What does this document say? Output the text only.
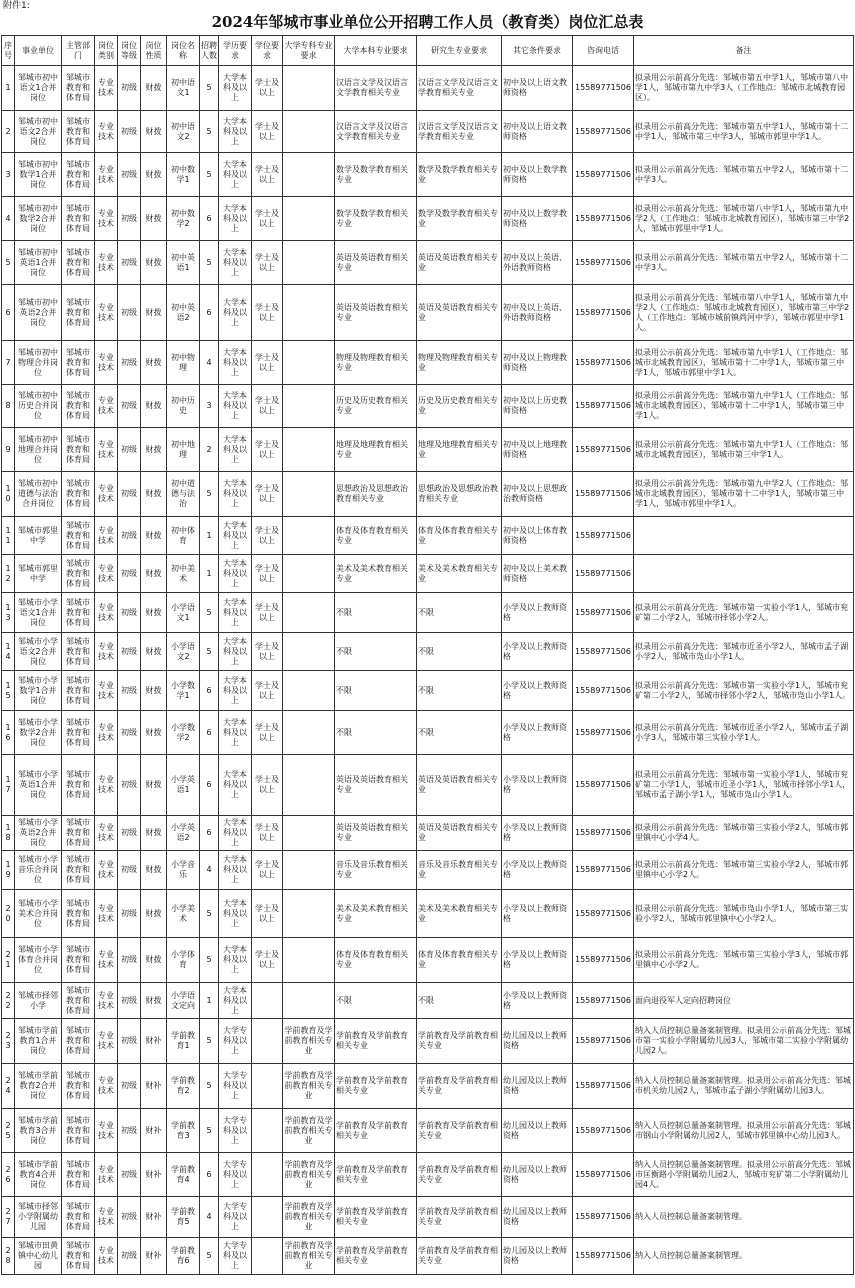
附件1:
2024年邹城市事业单位公开招聘工作人员（教育类）岗位汇总表
序号	事业单位	主管部门	岗位类别	岗位等级	岗位性质	岗位名称	招聘人数	学历要求	学位要求	大学专科专业要求	大学本科专业要求	研究生专业要求	其它条件要求	咨询电话	备注
1	邹城市初中语文1合并岗位	邹城市教育和体育局	专业技术	初级	财拨	初中语文1	5	大学本科及以上	学士及以上		汉语言文学及汉语言文学教育相关专业	汉语言文学及汉语言文学教育相关专业	初中及以上语文教师资格	15589771506	拟录用公示前高分先选：邹城市第五中学1人，邹城市第八中学1人，邹城市第九中学3人（工作地点：邹城市北城教育园区）。
2	邹城市初中语文2合并岗位	邹城市教育和体育局	专业技术	初级	财拨	初中语文2	5	大学本科及以上	学士及以上		汉语言文学及汉语言文学教育相关专业	汉语言文学及汉语言文学教育相关专业	初中及以上语文教师资格	15589771506	拟录用公示前高分先选：邹城市第五中学1人，邹城市第十二中学1人，邹城市第三中学3人，邹城市郭里中学1人。
3	邹城市初中数学1合并岗位	邹城市教育和体育局	专业技术	初级	财拨	初中数学1	5	大学本科及以上	学士及以上		数学及数学教育相关专业	数学及数学教育相关专业	初中及以上数学教师资格	15589771506	拟录用公示前高分先选：邹城市第五中学2人，邹城市第十二中学3人。
4	邹城市初中数学2合并岗位	邹城市教育和体育局	专业技术	初级	财拨	初中数学2	6	大学本科及以上	学士及以上		数学及数学教育相关专业	数学及数学教育相关专业	初中及以上数学教师资格	15589771506	拟录用公示前高分先选：邹城市第八中学1人，邹城市第九中学2人（工作地点：邹城市北城教育园区），邹城市第三中学2人，邹城市郭里中学1人。
5	邹城市初中英语1合并岗位	邹城市教育和体育局	专业技术	初级	财拨	初中英语1	5	大学本科及以上	学士及以上		英语及英语教育相关专业	英语及英语教育相关专业	初中及以上英语、外语教师资格	15589771506	拟录用公示前高分先选：邹城市第五中学2人，邹城市第十二中学3人。
6	邹城市初中英语2合并岗位	邹城市教育和体育局	专业技术	初级	财拨	初中英语2	6	大学本科及以上	学士及以上		英语及英语教育相关专业	英语及英语教育相关专业	初中及以上英语、外语教师资格	15589771506	拟录用公示前高分先选：邹城市第八中学1人，邹城市第九中学2人（工作地点：邹城市北城教育园区），邹城市第三中学2人（工作地点：邹城市城前镇尚河中学），邹城市郭里中学1人。
7	邹城市初中物理合并岗位	邹城市教育和体育局	专业技术	初级	财拨	初中物理	4	大学本科及以上	学士及以上		物理及物理教育相关专业	物理及物理教育相关专业	初中及以上物理教师资格	15589771506	拟录用公示前高分先选：邹城市第九中学1人（工作地点：邹城市北城教育园区），邹城市第十二中学1人，邹城市第三中学1人，邹城市郭里中学1人。
8	邹城市初中历史合并岗位	邹城市教育和体育局	专业技术	初级	财拨	初中历史	3	大学本科及以上	学士及以上		历史及历史教育相关专业	历史及历史教育相关专业	初中及以上历史教师资格	15589771506	拟录用公示前高分先选：邹城市第九中学1人（工作地点：邹城市北城教育园区），邹城市第十二中学1人，邹城市第三中学1人。
9	邹城市初中地理合并岗位	邹城市教育和体育局	专业技术	初级	财拨	初中地理	2	大学本科及以上	学士及以上		地理及地理教育相关专业	地理及地理教育相关专业	初中及以上地理教师资格	15589771506	拟录用公示前高分先选：邹城市第九中学1人（工作地点：邹城市北城教育园区），邹城市第三中学1人。
10	邹城市初中道德与法治合并岗位	邹城市教育和体育局	专业技术	初级	财拨	初中道德与法治	5	大学本科及以上	学士及以上		思想政治及思想政治教育相关专业	思想政治及思想政治教育相关专业	初中及以上思想政治教师资格	15589771506	拟录用公示前高分先选：邹城市第九中学2人（工作地点：邹城市北城教育园区），邹城市第十二中学1人，邹城市第三中学1人，邹城市郭里中学1人。
11	邹城市郭里中学	邹城市教育和体育局	专业技术	初级	财拨	初中体育	1	大学本科及以上	学士及以上		体育及体育教育相关专业	体育及体育教育相关专业	初中及以上体育教师资格	15589771506	
12	邹城市郭里中学	邹城市教育和体育局	专业技术	初级	财拨	初中美术	1	大学本科及以上	学士及以上		美术及美术教育相关专业	美术及美术教育相关专业	初中及以上美术教师资格	15589771506	
13	邹城市小学语文1合并岗位	邹城市教育和体育局	专业技术	初级	财拨	小学语文1	5	大学本科及以上	学士及以上		不限	不限	小学及以上教师资格	15589771506	拟录用公示前高分先选：邹城市第一实验小学1人，邹城市兖矿第二小学2人，邹城市择邻小学2人。
14	邹城市小学语文2合并岗位	邹城市教育和体育局	专业技术	初级	财拨	小学语文2	5	大学本科及以上	学士及以上		不限	不限	小学及以上教师资格	15589771506	拟录用公示前高分先选：邹城市近圣小学2人，邹城市孟子湖小学2人，邹城市凫山小学1人。
15	邹城市小学数学1合并岗位	邹城市教育和体育局	专业技术	初级	财拨	小学数学1	6	大学本科及以上	学士及以上		不限	不限	小学及以上教师资格	15589771506	拟录用公示前高分先选：邹城市第一实验小学1人，邹城市兖矿第二小学2人，邹城市择邻小学2人，邹城市凫山小学1人。
16	邹城市小学数学2合并岗位	邹城市教育和体育局	专业技术	初级	财拨	小学数学2	6	大学本科及以上	学士及以上		不限	不限	小学及以上教师资格	15589771506	拟录用公示前高分先选：邹城市近圣小学2人，邹城市孟子湖小学3人，邹城市第三实验小学1人。
17	邹城市小学英语1合并岗位	邹城市教育和体育局	专业技术	初级	财拨	小学英语1	6	大学本科及以上	学士及以上		英语及英语教育相关专业	英语及英语教育相关专业	小学及以上教师资格	15589771506	拟录用公示前高分先选：邹城市第一实验小学1人，邹城市兖矿第二小学1人，邹城市近圣小学1人，邹城市择邻小学1人，邹城市孟子湖小学1人，邹城市凫山小学1人。
18	邹城市小学英语2合并岗位	邹城市教育和体育局	专业技术	初级	财拨	小学英语2	6	大学本科及以上	学士及以上		英语及英语教育相关专业	英语及英语教育相关专业	小学及以上教师资格	15589771506	拟录用公示前高分先选：邹城市第三实验小学2人，邹城市郭里镇中心小学4人。
19	邹城市小学音乐合并岗位	邹城市教育和体育局	专业技术	初级	财拨	小学音乐	4	大学本科及以上	学士及以上		音乐及音乐教育相关专业	音乐及音乐教育相关专业	小学及以上教师资格	15589771506	拟录用公示前高分先选：邹城市第三实验小学2人，邹城市郭里镇中心小学2人。
20	邹城市小学美术合并岗位	邹城市教育和体育局	专业技术	初级	财拨	小学美术	5	大学本科及以上	学士及以上		美术及美术教育相关专业	美术及美术教育相关专业	小学及以上教师资格	15589771506	拟录用公示前高分先选：邹城市凫山小学1人，邹城市第三实验小学2人，邹城市郭里镇中心小学2人。
21	邹城市小学体育合并岗位	邹城市教育和体育局	专业技术	初级	财拨	小学体育	5	大学本科及以上	学士及以上		体育及体育教育相关专业	体育及体育教育相关专业	小学及以上教师资格	15589771506	拟录用公示前高分先选：邹城市第三实验小学3人，邹城市郭里镇中心小学2人。
22	邹城市择邻小学	邹城市教育和体育局	专业技术	初级	财拨	小学语文定向	1	大学本科及以上			不限	不限	小学及以上教师资格	15589771506	面向退役军人定向招聘岗位
23	邹城市学前教育1合并岗位	邹城市教育和体育局	专业技术	初级	财补	学前教育1	5	大学专科及以上		学前教育及学前教育相关专业	学前教育及学前教育相关专业	学前教育及学前教育相关专业	幼儿园及以上教师资格	15589771506	纳入人员控制总量备案制管理。拟录用公示前高分先选：邹城市第一实验小学附属幼儿园3人，邹城市第二实验小学附属幼儿园2人。
24	邹城市学前教育2合并岗位	邹城市教育和体育局	专业技术	初级	财补	学前教育2	5	大学专科及以上		学前教育及学前教育相关专业	学前教育及学前教育相关专业	学前教育及学前教育相关专业	幼儿园及以上教师资格	15589771506	纳入人员控制总量备案制管理。拟录用公示前高分先选：邹城市机关幼儿园2人，邹城市孟子湖小学附属幼儿园3人。
25	邹城市学前教育3合并岗位	邹城市教育和体育局	专业技术	初级	财补	学前教育3	5	大学专科及以上		学前教育及学前教育相关专业	学前教育及学前教育相关专业	学前教育及学前教育相关专业	幼儿园及以上教师资格	15589771506	纳入人员控制总量备案制管理。拟录用公示前高分先选：邹城市钢山小学附属幼儿园2人，邹城市郭里镇中心幼儿园3人。
26	邹城市学前教育4合并岗位	邹城市教育和体育局	专业技术	初级	财补	学前教育4	6	大学专科及以上		学前教育及学前教育相关专业	学前教育及学前教育相关专业	学前教育及学前教育相关专业	幼儿园及以上教师资格	15589771506	纳入人员控制总量备案制管理。拟录用公示前高分先选：邹城市匡衡路小学附属幼儿园2人，邹城市兖矿第二小学附属幼儿园4人。
27	邹城市择邻小学附属幼儿园	邹城市教育和体育局	专业技术	初级	财补	学前教育5	4	大学专科及以上		学前教育及学前教育相关专业	学前教育及学前教育相关专业	学前教育及学前教育相关专业	幼儿园及以上教师资格	15589771506	纳入人员控制总量备案制管理。
28	邹城市田黄镇中心幼儿园	邹城市教育和体育局	专业技术	初级	财补	学前教育6	5	大学专科及以上		学前教育及学前教育相关专业	学前教育及学前教育相关专业	学前教育及学前教育相关专业	幼儿园及以上教师资格	15589771506	纳入人员控制总量备案制管理。
